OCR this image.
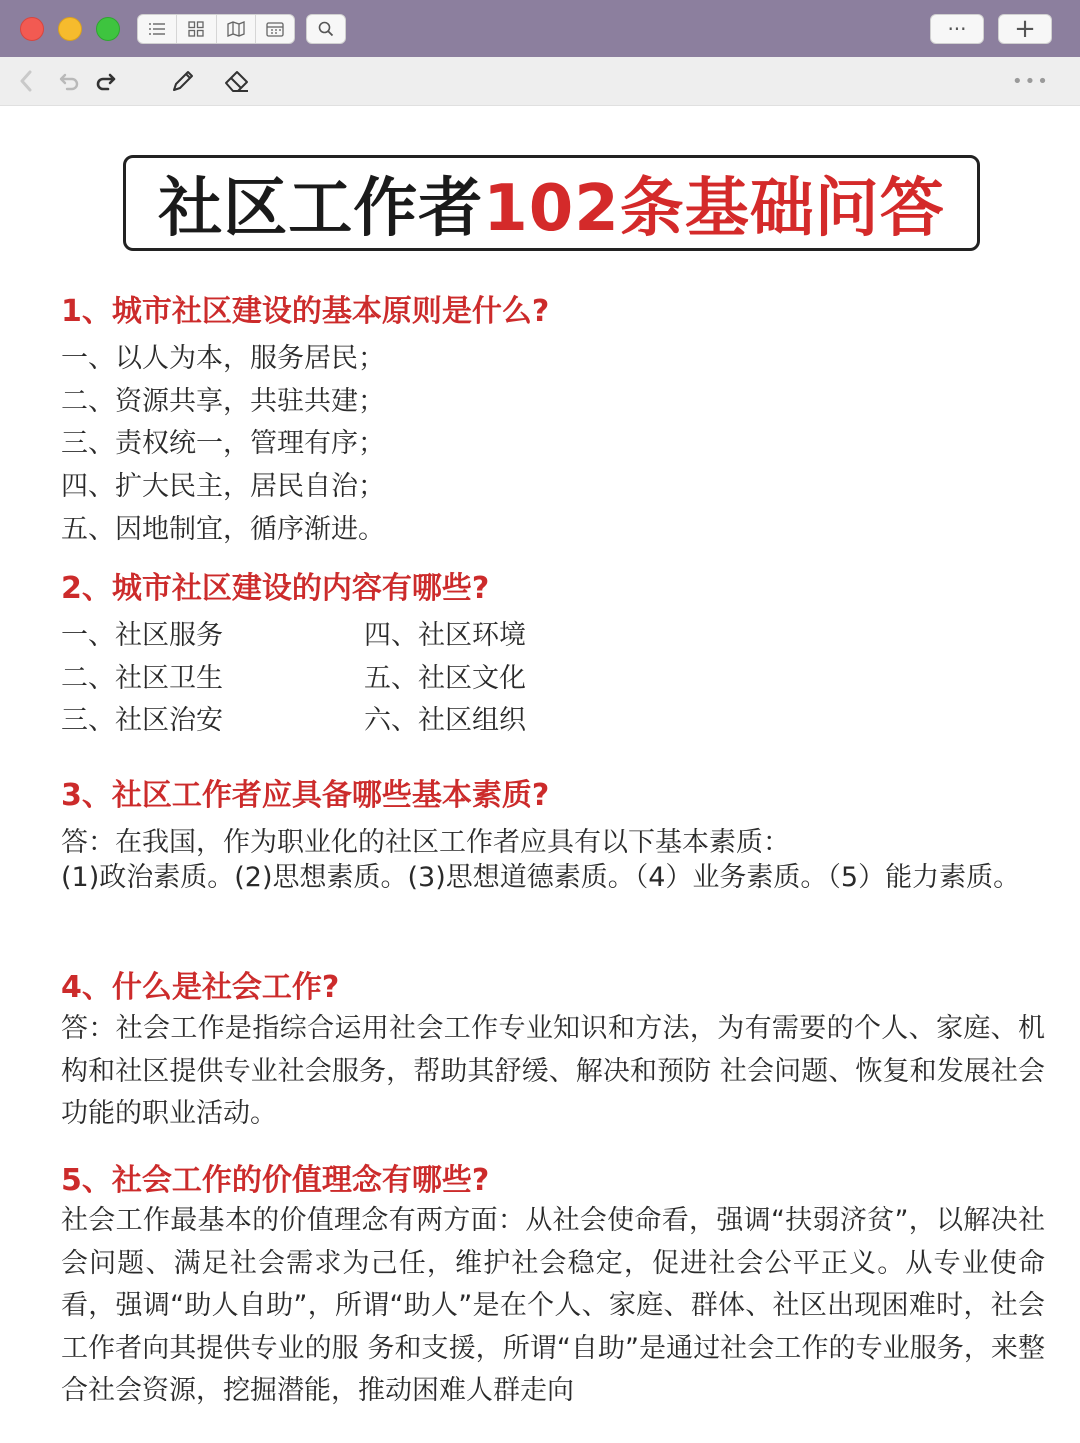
···	+
•••
社区工作者 102条基础问答
1、城市社区建设的基本原则是什么?
一、以人为本，服务居民；
二、资源共享，共驻共建；
三、责权统一，管理有序；
四、扩大民主，居民自治；
五、因地制宜，循序渐进。
2、城市社区建设的内容有哪些?
一、社区服务
二、社区卫生
三、社区治安
四、社区环境
五、社区文化
六、社区组织
3、社区工作者应具备哪些基本素质?
答：在我国，作为职业化的社区工作者应具有以下基本素质：
(1)政治素质。(2)思想素质。(3)思想道德素质。（4）业务素质。（5）能力素质。
4、什么是社会工作?
答：社会工作是指综合运用社会工作专业知识和方法，为有需要的个人、家庭、机构和社区提供专业社会服务，帮助其舒缓、解决和预防 社会问题、恢复和发展社会功能的职业活动。
5、社会工作的价值理念有哪些?
社会工作最基本的价值理念有两方面：从社会使命看，强调“扶弱济贫”，以解决社会问题、满足社会需求为己任，维护社会稳定，促进社会公平正义。从专业使命看，强调“助人自助”，所谓“助人”是在个人、家庭、群体、社区出现困难时，社会工作者向其提供专业的服 务和支援，所谓“自助”是通过社会工作的专业服务，来整合社会资源，挖掘潜能，推动困难人群走向
